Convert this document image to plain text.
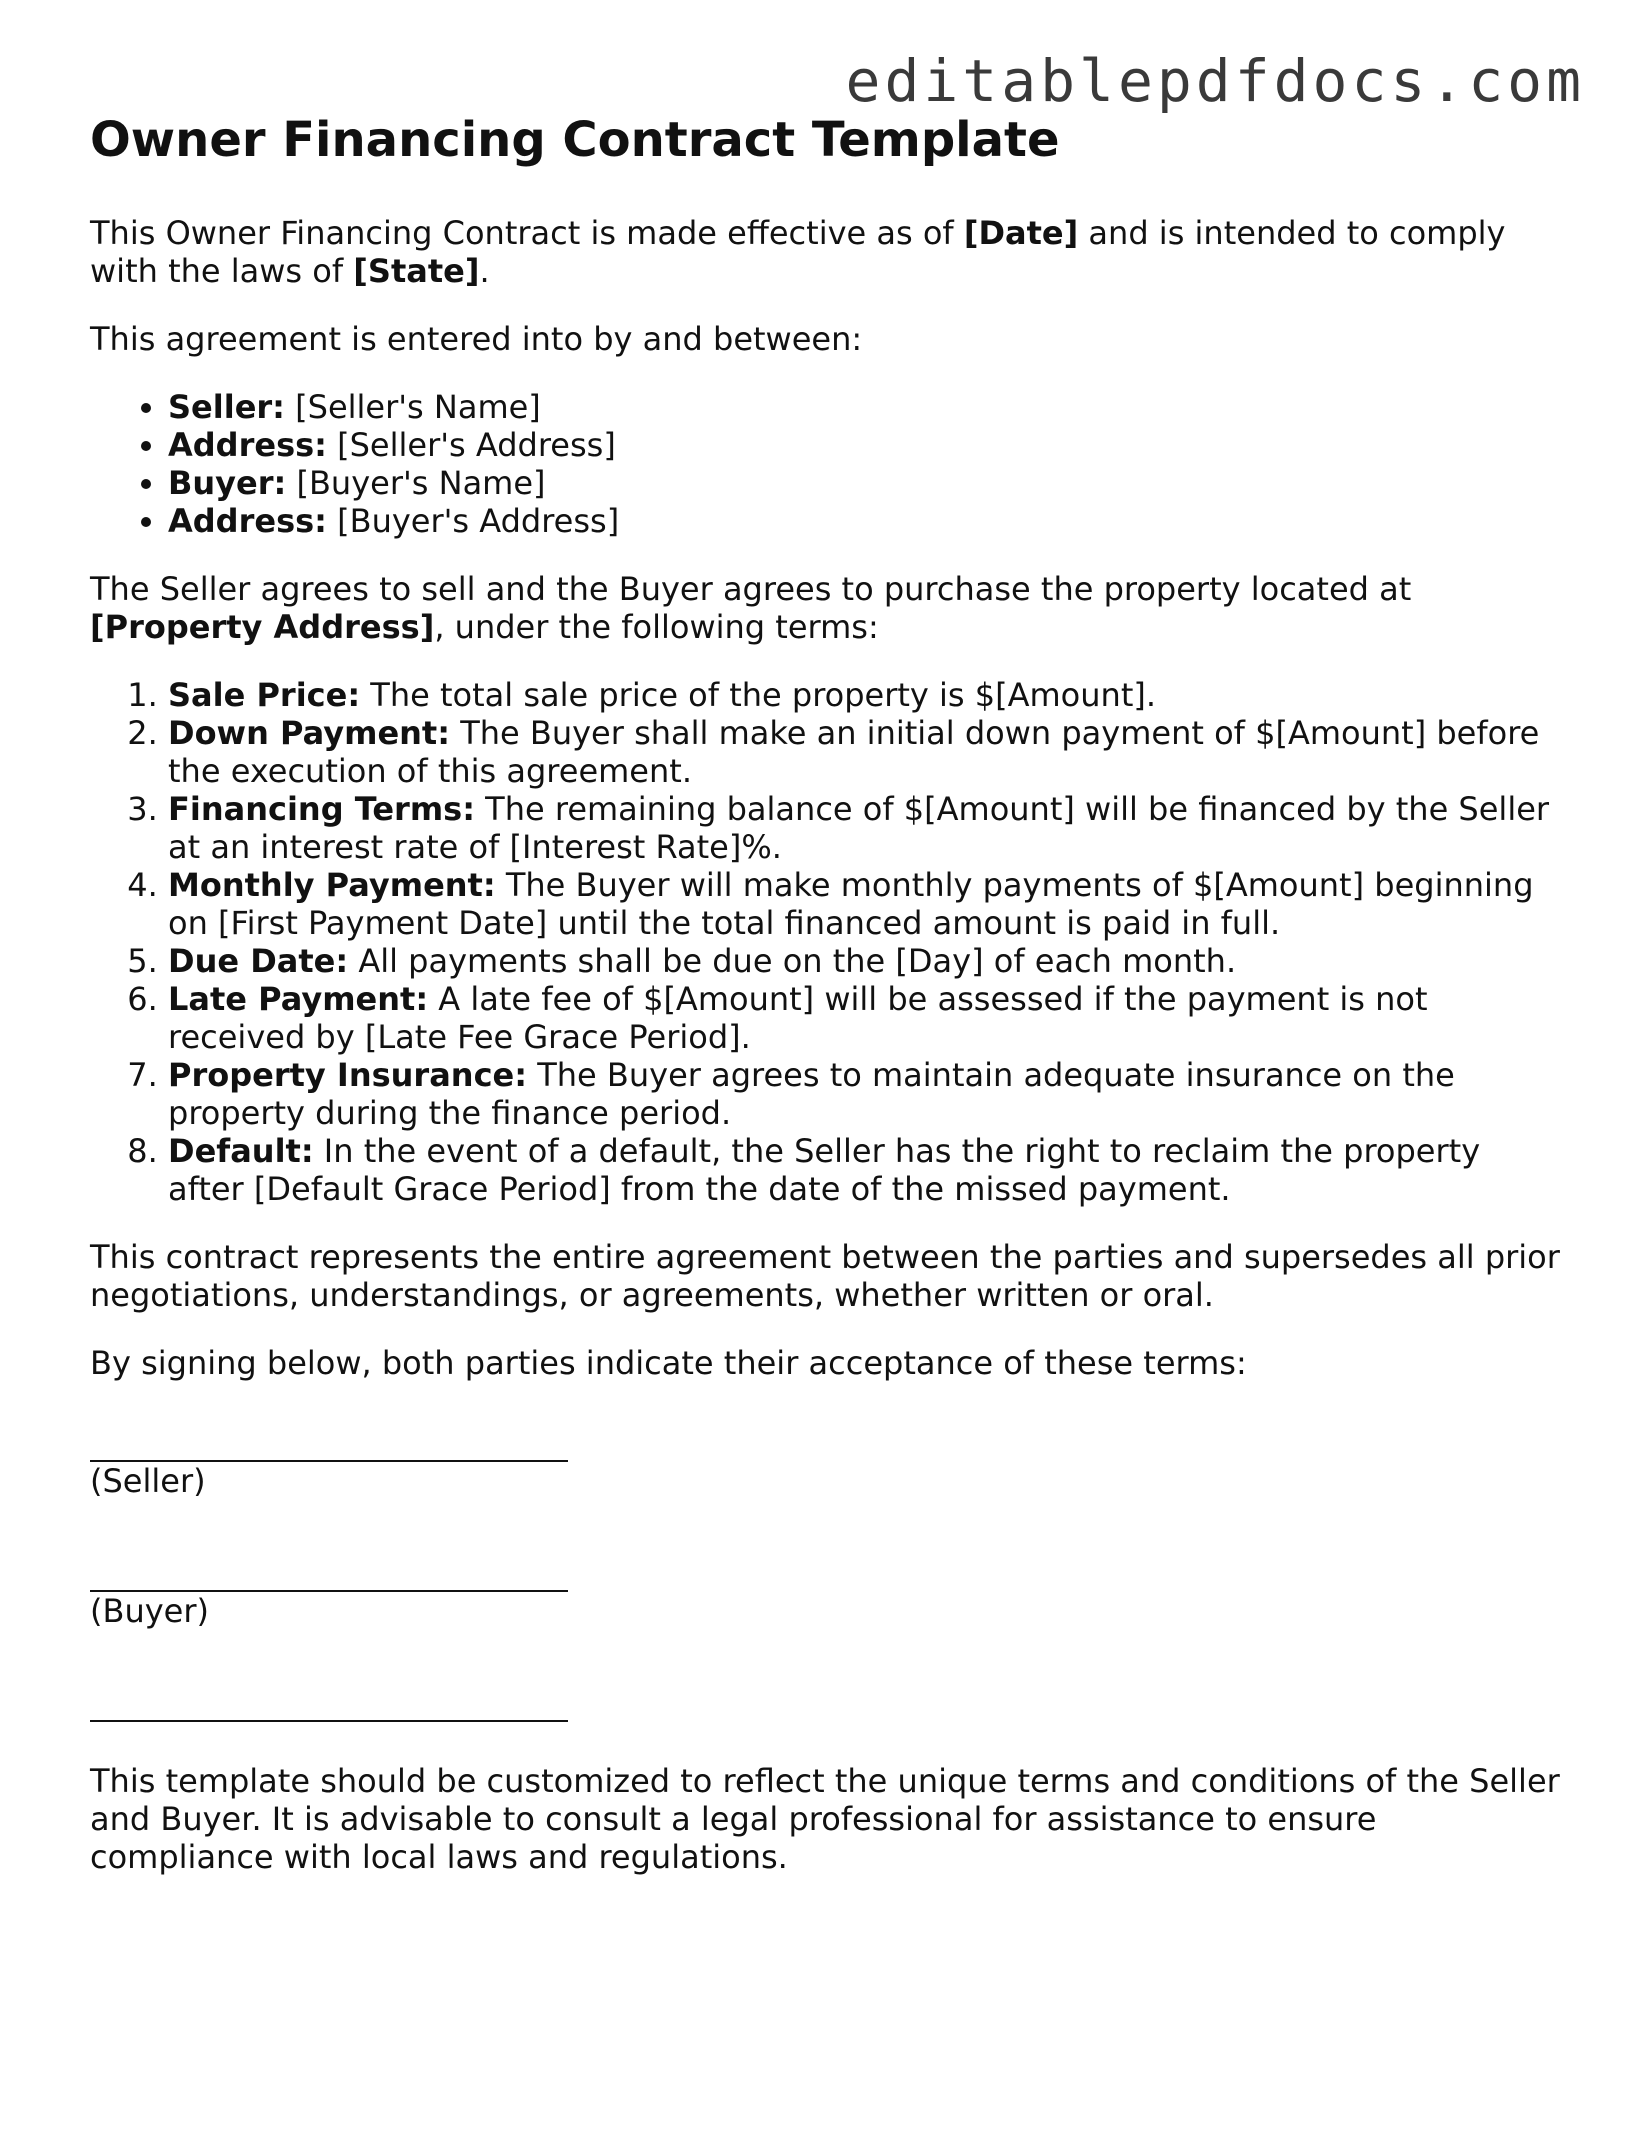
editablepdfdocs.com
Owner Financing Contract Template

This Owner Financing Contract is made effective as of [Date] and is intended to comply with the laws of [State].

This agreement is entered into by and between:

• Seller: [Seller's Name]
• Address: [Seller's Address]
• Buyer: [Buyer's Name]
• Address: [Buyer's Address]

The Seller agrees to sell and the Buyer agrees to purchase the property located at [Property Address], under the following terms:

1. Sale Price: The total sale price of the property is $[Amount].
2. Down Payment: The Buyer shall make an initial down payment of $[Amount] before the execution of this agreement.
3. Financing Terms: The remaining balance of $[Amount] will be financed by the Seller at an interest rate of [Interest Rate]%.
4. Monthly Payment: The Buyer will make monthly payments of $[Amount] beginning on [First Payment Date] until the total financed amount is paid in full.
5. Due Date: All payments shall be due on the [Day] of each month.
6. Late Payment: A late fee of $[Amount] will be assessed if the payment is not received by [Late Fee Grace Period].
7. Property Insurance: The Buyer agrees to maintain adequate insurance on the property during the finance period.
8. Default: In the event of a default, the Seller has the right to reclaim the property after [Default Grace Period] from the date of the missed payment.

This contract represents the entire agreement between the parties and supersedes all prior negotiations, understandings, or agreements, whether written or oral.

By signing below, both parties indicate their acceptance of these terms:

(Seller)
(Buyer)

This template should be customized to reflect the unique terms and conditions of the Seller and Buyer. It is advisable to consult a legal professional for assistance to ensure compliance with local laws and regulations.
